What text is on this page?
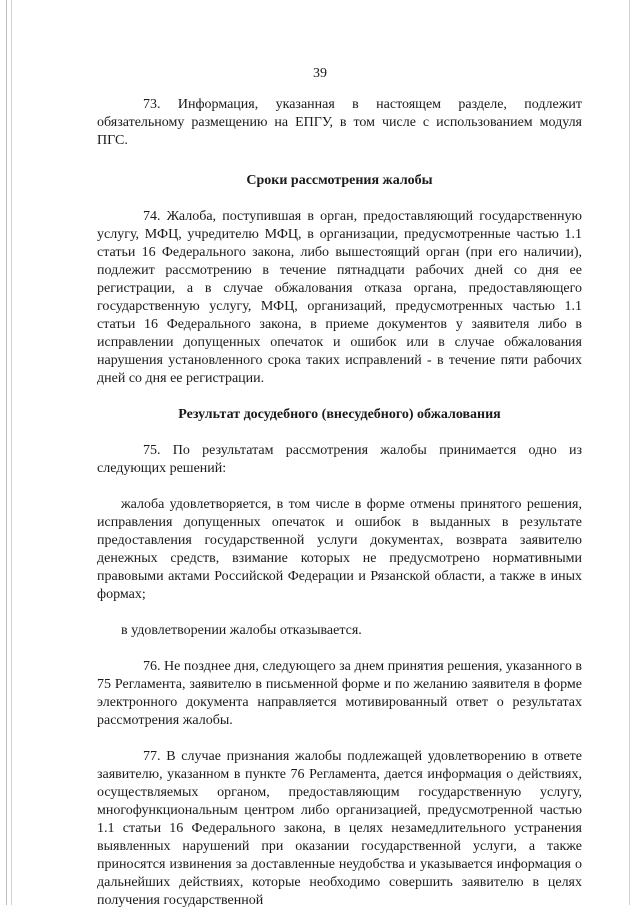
39

73. Информация, указанная в настоящем разделе, подлежит обязательному размещению на ЕПГУ, в том числе с использованием модуля ПГС.

Сроки рассмотрения жалобы

74. Жалоба, поступившая в орган, предоставляющий государственную услугу, МФЦ, учредителю МФЦ, в организации, предусмотренные частью 1.1 статьи 16 Федерального закона, либо вышестоящий орган (при его наличии), подлежит рассмотрению в течение пятнадцати рабочих дней со дня ее регистрации, а в случае обжалования отказа органа, предоставляющего государственную услугу, МФЦ, организаций, предусмотренных частью 1.1 статьи 16 Федерального закона, в приеме документов у заявителя либо в исправлении допущенных опечаток и ошибок или в случае обжалования нарушения установленного срока таких исправлений - в течение пяти рабочих дней со дня ее регистрации.

Результат досудебного (внесудебного) обжалования

75. По результатам рассмотрения жалобы принимается одно из следующих решений:

жалоба удовлетворяется, в том числе в форме отмены принятого решения, исправления допущенных опечаток и ошибок в выданных в результате предоставления государственной услуги документах, возврата заявителю денежных средств, взимание которых не предусмотрено нормативными правовыми актами Российской Федерации и Рязанской области, а также в иных формах;

в удовлетворении жалобы отказывается.

76. Не позднее дня, следующего за днем принятия решения, указанного в 75 Регламента, заявителю в письменной форме и по желанию заявителя в форме электронного документа направляется мотивированный ответ о результатах рассмотрения жалобы.

77. В случае признания жалобы подлежащей удовлетворению в ответе заявителю, указанном в пункте 76 Регламента, дается информация о действиях, осуществляемых органом, предоставляющим государственную услугу, многофункциональным центром либо организацией, предусмотренной частью 1.1 статьи 16 Федерального закона, в целях незамедлительного устранения выявленных нарушений при оказании государственной услуги, а также приносятся извинения за доставленные неудобства и указывается информация о дальнейших действиях, которые необходимо совершить заявителю в целях получения государственной
